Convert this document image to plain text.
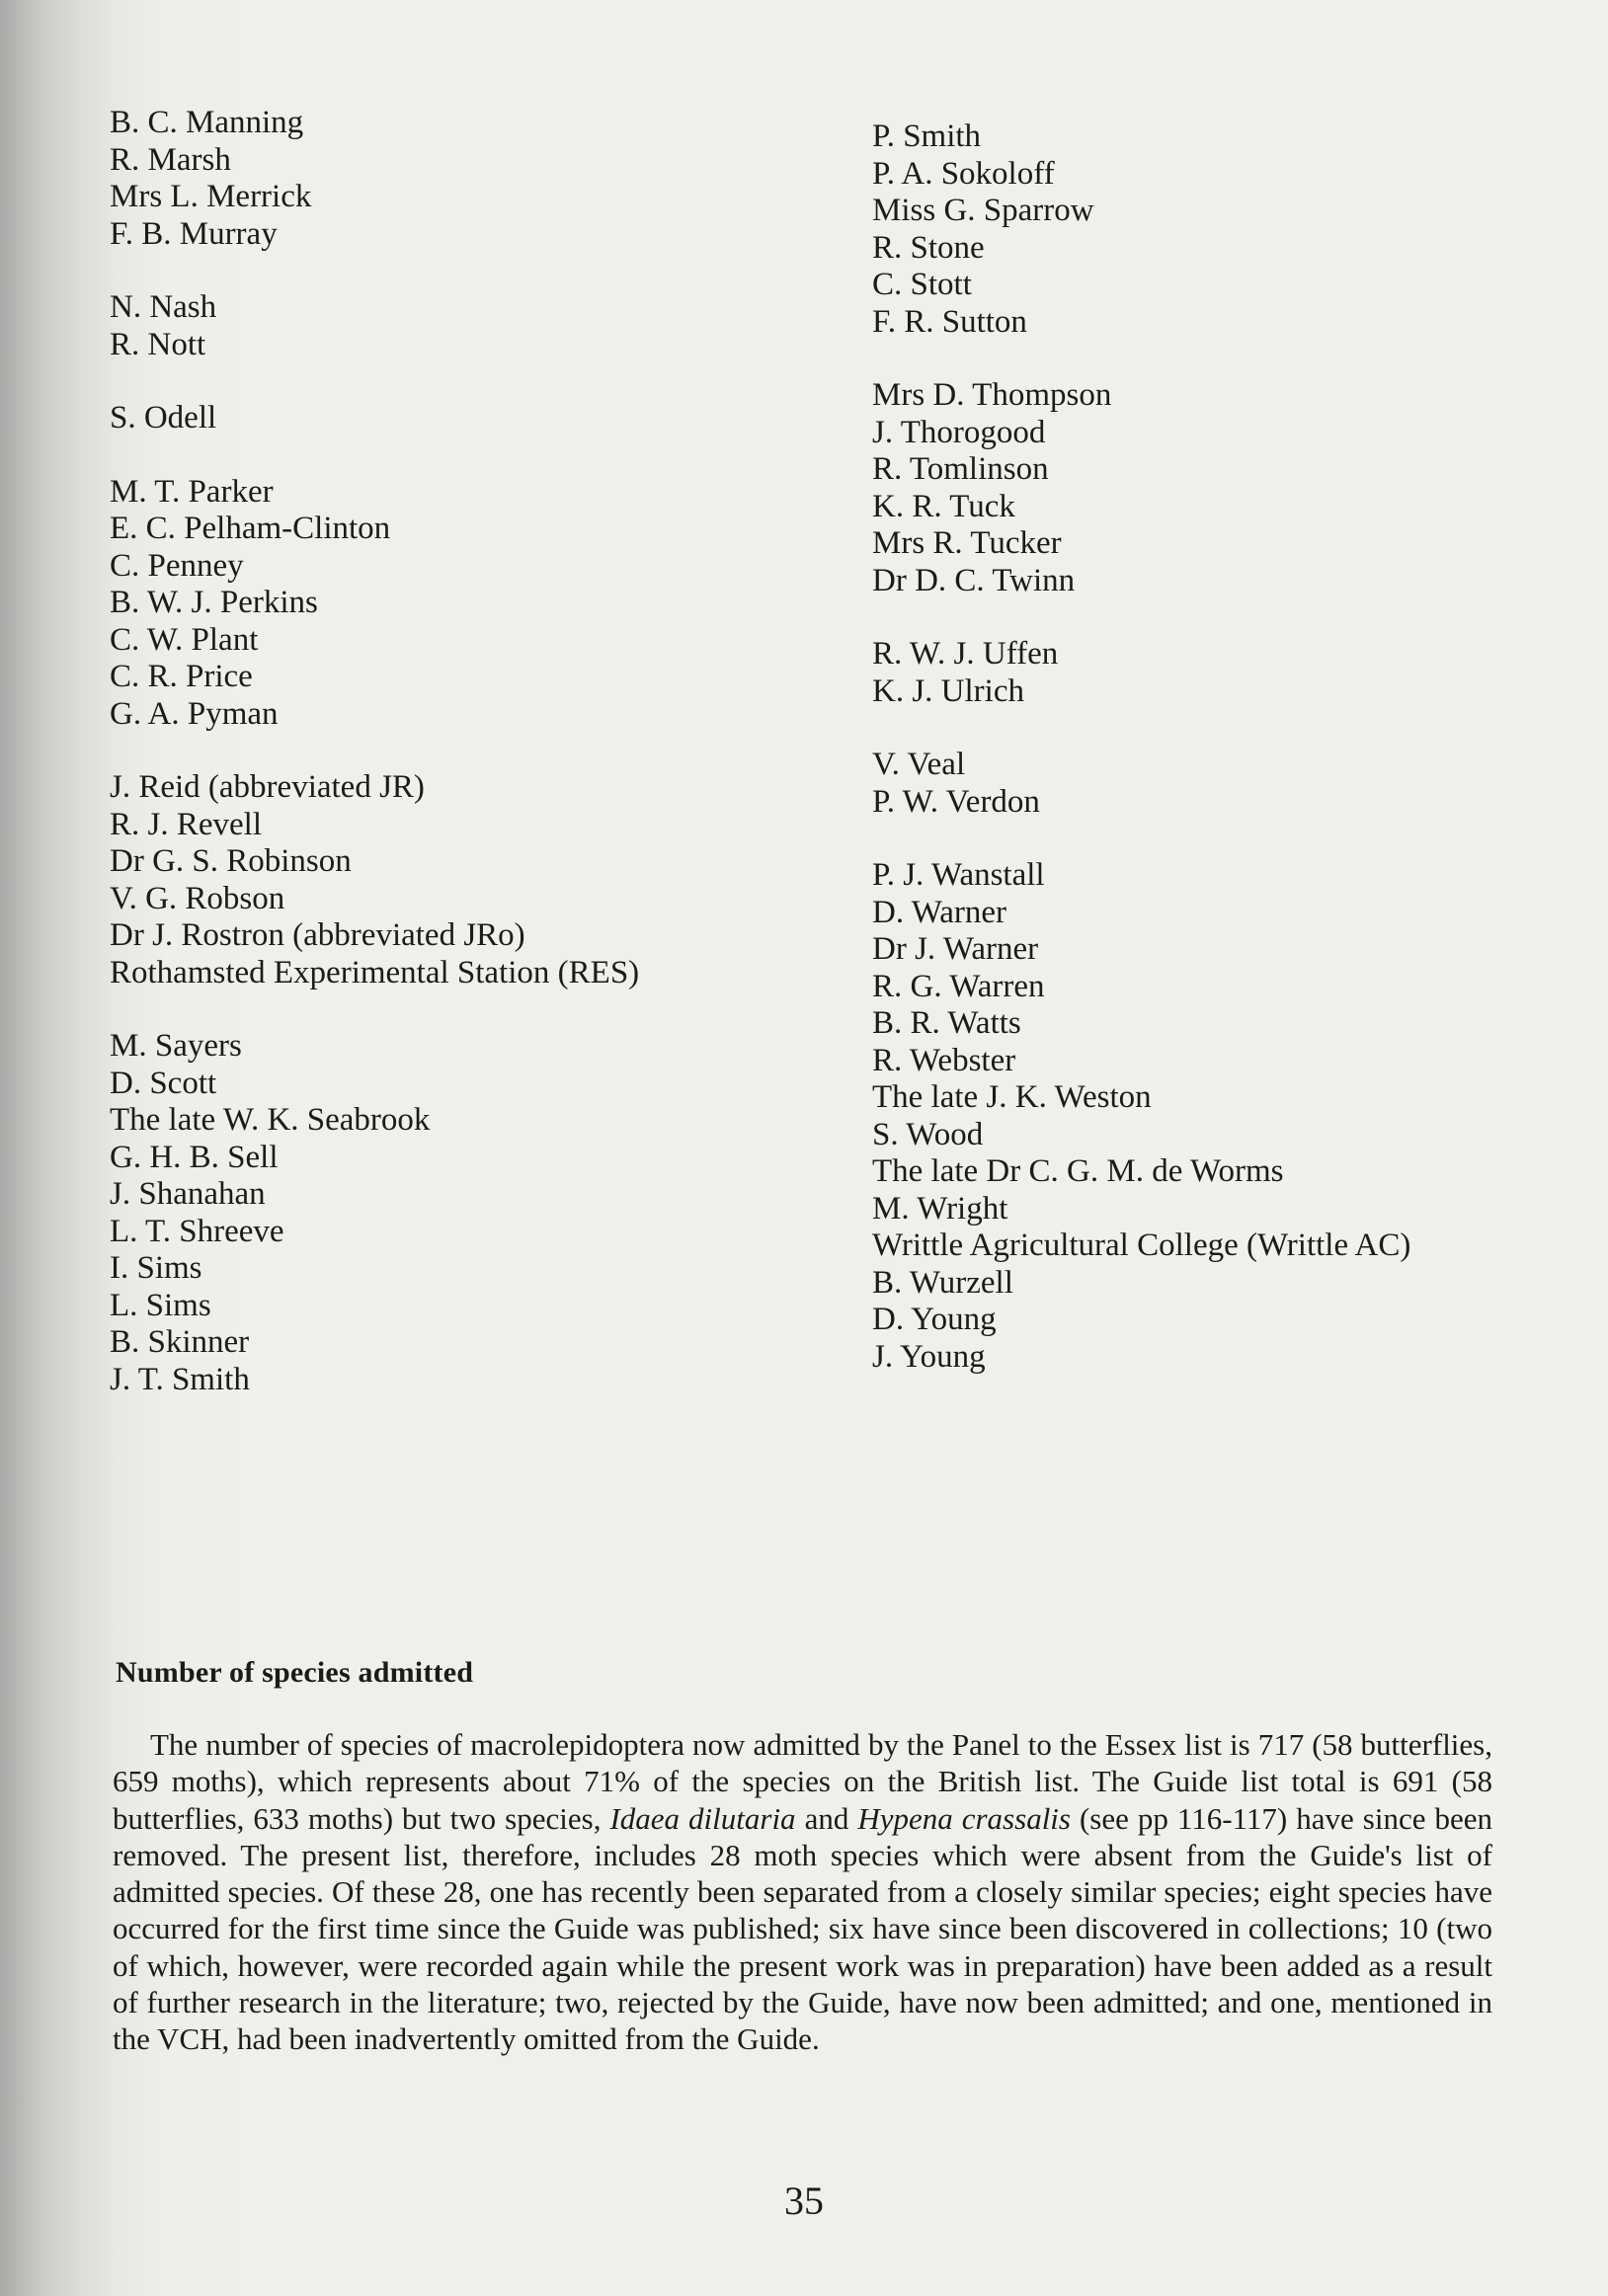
B. C. Manning
R. Marsh
Mrs L. Merrick
F. B. Murray
N. Nash
R. Nott
S. Odell
M. T. Parker
E. C. Pelham-Clinton
C. Penney
B. W. J. Perkins
C. W. Plant
C. R. Price
G. A. Pyman
J. Reid (abbreviated JR)
R. J. Revell
Dr G. S. Robinson
V. G. Robson
Dr J. Rostron (abbreviated JRo)
Rothamsted Experimental Station (RES)
M. Sayers
D. Scott
The late W. K. Seabrook
G. H. B. Sell
J. Shanahan
L. T. Shreeve
I. Sims
L. Sims
B. Skinner
J. T. Smith
P. Smith
P. A. Sokoloff
Miss G. Sparrow
R. Stone
C. Stott
F. R. Sutton
Mrs D. Thompson
J. Thorogood
R. Tomlinson
K. R. Tuck
Mrs R. Tucker
Dr D. C. Twinn
R. W. J. Uffen
K. J. Ulrich
V. Veal
P. W. Verdon
P. J. Wanstall
D. Warner
Dr J. Warner
R. G. Warren
B. R. Watts
R. Webster
The late J. K. Weston
S. Wood
The late Dr C. G. M. de Worms
M. Wright
Writtle Agricultural College (Writtle AC)
B. Wurzell
D. Young
J. Young
Number of species admitted

The number of species of macrolepidoptera now admitted by the Panel to the Essex list is 717 (58 butterflies, 659 moths), which represents about 71% of the species on the British list. The Guide list total is 691 (58 butterflies, 633 moths) but two species, Idaea dilutaria and Hypena crassalis (see pp 116-117) have since been removed. The present list, therefore, includes 28 moth species which were absent from the Guide's list of admitted species. Of these 28, one has recently been separated from a closely similar species; eight species have occurred for the first time since the Guide was published; six have since been discovered in collections; 10 (two of which, however, were recorded again while the present work was in preparation) have been added as a result of further research in the literature; two, rejected by the Guide, have now been admitted; and one, mentioned in the VCH, had been inadvertently omitted from the Guide.

35
